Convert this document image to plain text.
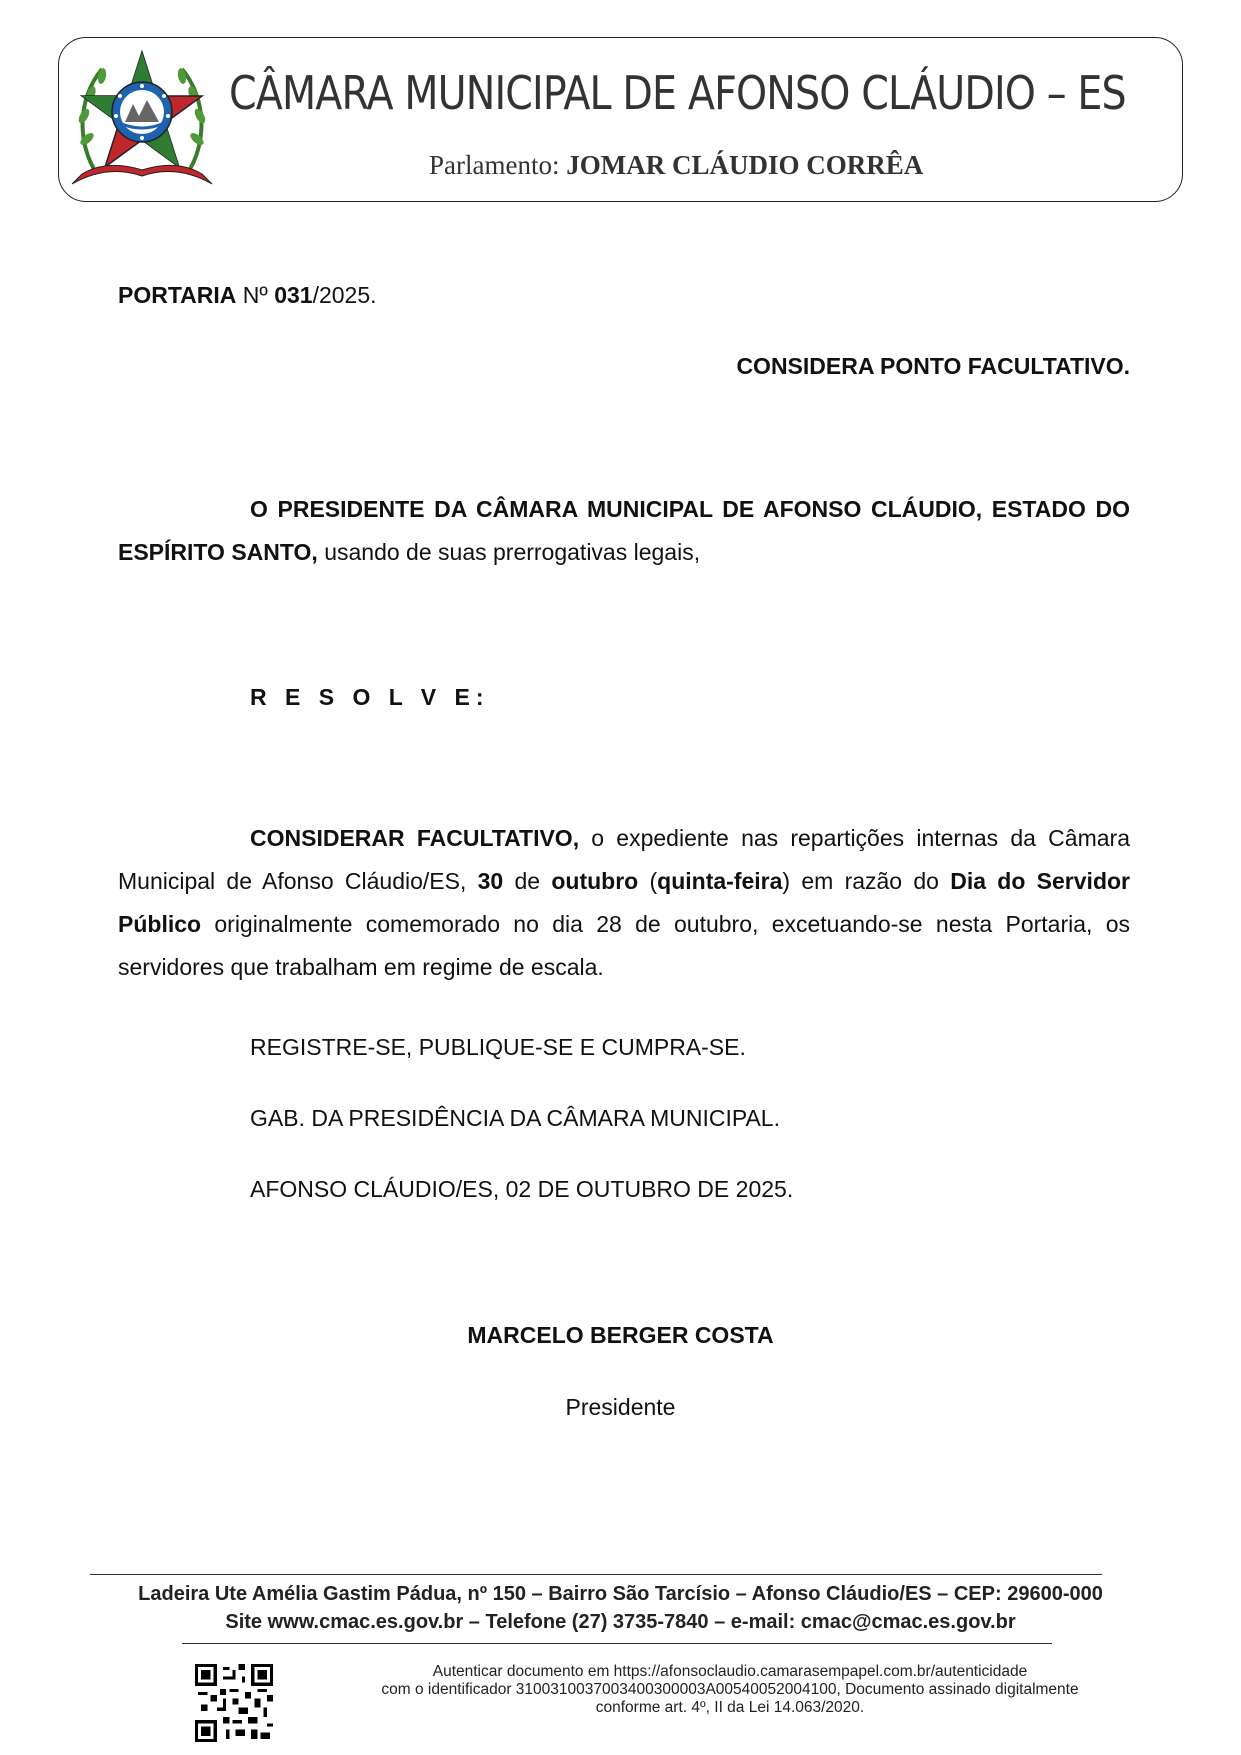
CÂMARA MUNICIPAL DE AFONSO CLÁUDIO – ES
Parlamento: JOMAR CLÁUDIO CORRÊA
PORTARIA Nº 031/2025.
CONSIDERA PONTO FACULTATIVO.
O PRESIDENTE DA CÂMARA MUNICIPAL DE AFONSO CLÁUDIO, ESTADO DO ESPÍRITO SANTO, usando de suas prerrogativas legais,
R E S O L V E:
CONSIDERAR FACULTATIVO, o expediente nas repartições internas da Câmara Municipal de Afonso Cláudio/ES, 30 de outubro (quinta-feira) em razão do Dia do Servidor Público originalmente comemorado no dia 28 de outubro, excetuando-se nesta Portaria, os servidores que trabalham em regime de escala.
REGISTRE-SE, PUBLIQUE-SE E CUMPRA-SE.
GAB. DA PRESIDÊNCIA DA CÂMARA MUNICIPAL.
AFONSO CLÁUDIO/ES, 02 DE OUTUBRO DE 2025.
MARCELO BERGER COSTA
Presidente
Ladeira Ute Amélia Gastim Pádua, nº 150 – Bairro São Tarcísio – Afonso Cláudio/ES – CEP: 29600-000
Site www.cmac.es.gov.br – Telefone (27) 3735-7840 – e-mail: cmac@cmac.es.gov.br
Autenticar documento em https://afonsoclaudio.camarasempapel.com.br/autenticidade
com o identificador 3100310037003400300003A00540052004100, Documento assinado digitalmente
conforme art. 4º, II da Lei 14.063/2020.
